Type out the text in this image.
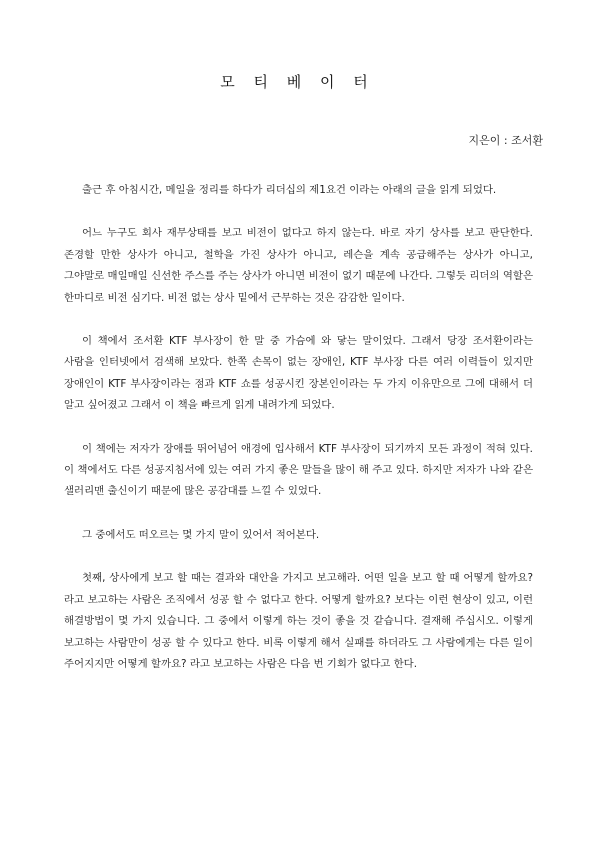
모 티 베 이 터
지은이 : 조서환

출근 후 아침시간, 메일을 정리를 하다가 리더십의 제1요건 이라는 아래의 글을 읽게 되었다.

어느 누구도 회사 재무상태를 보고 비전이 없다고 하지 않는다. 바로 자기 상사를 보고 판단한다. 존경할 만한 상사가 아니고, 철학을 가진 상사가 아니고, 레슨을 계속 공급해주는 상사가 아니고, 그야말로 매일매일 신선한 주스를 주는 상사가 아니면 비전이 없기 때문에 나간다. 그렇듯 리더의 역할은 한마디로 비전 심기다. 비전 없는 상사 밑에서 근무하는 것은 감감한 일이다.

이 책에서 조서환 KTF 부사장이 한 말 중 가슴에 와 닿는 말이었다. 그래서 당장 조서환이라는 사람을 인터넷에서 검색해 보았다. 한쪽 손목이 없는 장애인, KTF 부사장 다른 여러 이력들이 있지만 장애인이 KTF 부사장이라는 점과 KTF 쇼를 성공시킨 장본인이라는 두 가지 이유만으로 그에 대해서 더 알고 싶어졌고 그래서 이 책을 빠르게 읽게 내려가게 되었다.

이 책에는 저자가 장애를 뛰어넘어 애경에 입사해서 KTF 부사장이 되기까지 모든 과정이 적혀 있다. 이 책에서도 다른 성공지침서에 있는 여러 가지 좋은 말들을 많이 해 주고 있다. 하지만 저자가 나와 같은 샐러리맨 출신이기 때문에 많은 공감대를 느낄 수 있었다.

그 중에서도 떠오르는 몇 가지 말이 있어서 적어본다.

첫째, 상사에게 보고 할 때는 결과와 대안을 가지고 보고해라. 어떤 일을 보고 할 때 어떻게 할까요? 라고 보고하는 사람은 조직에서 성공 할 수 없다고 한다. 어떻게 할까요? 보다는 이런 현상이 있고, 이런 해결방법이 몇 가지 있습니다. 그 중에서 이렇게 하는 것이 좋을 것 같습니다. 결재해 주십시오. 이렇게 보고하는 사람만이 성공 할 수 있다고 한다. 비록 이렇게 해서 실패를 하더라도 그 사람에게는 다른 일이 주어지지만 어떻게 할까요? 라고 보고하는 사람은 다음 번 기회가 없다고 한다.
